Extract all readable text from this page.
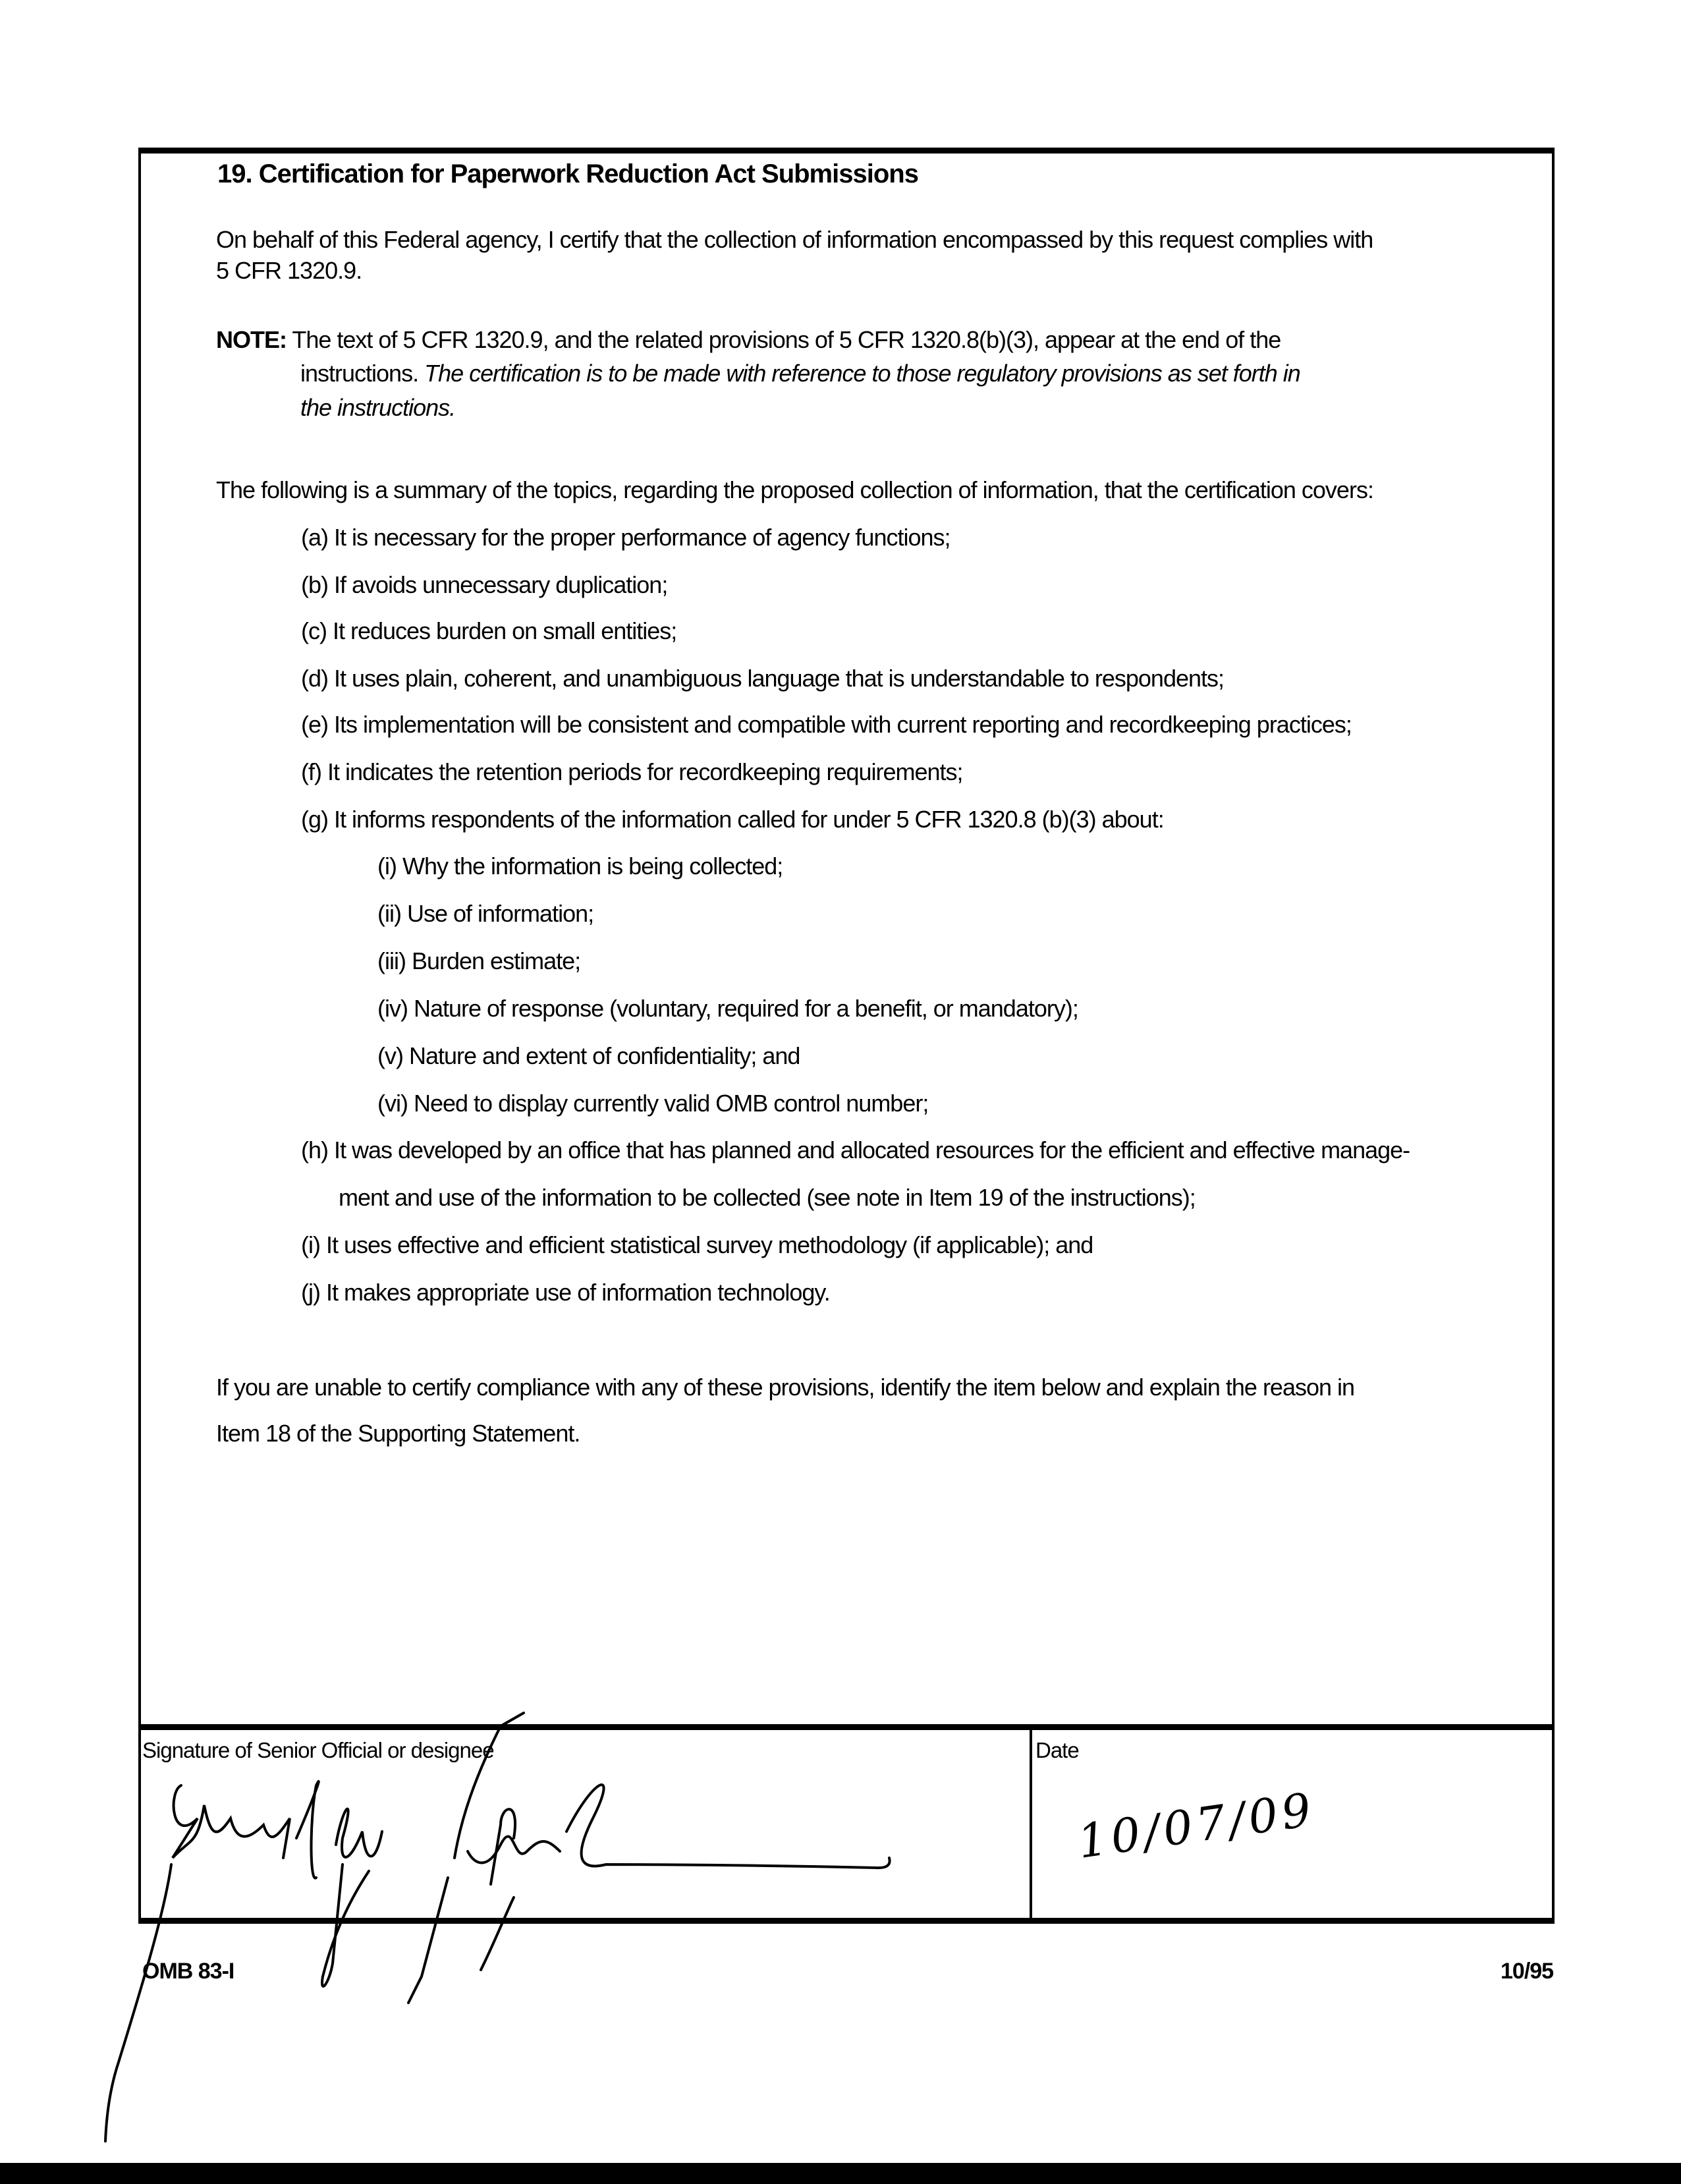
19. Certification for Paperwork Reduction Act Submissions
On behalf of this Federal agency, I certify that the collection of information encompassed by this request complies with
5 CFR 1320.9.
NOTE: The text of 5 CFR 1320.9, and the related provisions of 5 CFR 1320.8(b)(3), appear at the end of the
instructions. The certification is to be made with reference to those regulatory provisions as set forth in
the instructions.
The following is a summary of the topics, regarding the proposed collection of information, that the certification covers:
(a) It is necessary for the proper performance of agency functions;
(b) If avoids unnecessary duplication;
(c) It reduces burden on small entities;
(d) It uses plain, coherent, and unambiguous language that is understandable to respondents;
(e) Its implementation will be consistent and compatible with current reporting and recordkeeping practices;
(f) It indicates the retention periods for recordkeeping requirements;
(g) It informs respondents of the information called for under 5 CFR 1320.8 (b)(3) about:
(i) Why the information is being collected;
(ii) Use of information;
(iii) Burden estimate;
(iv) Nature of response (voluntary, required for a benefit, or mandatory);
(v) Nature and extent of confidentiality; and
(vi) Need to display currently valid OMB control number;
(h) It was developed by an office that has planned and allocated resources for the efficient and effective manage-
ment and use of the information to be collected (see note in Item 19 of the instructions);
(i) It uses effective and efficient statistical survey methodology (if applicable); and
(j) It makes appropriate use of information technology.
If you are unable to certify compliance with any of these provisions, identify the item below and explain the reason in
Item 18 of the Supporting Statement.
Signature of Senior Official or designee	Date
10/07/09
OMB 83-I	10/95
